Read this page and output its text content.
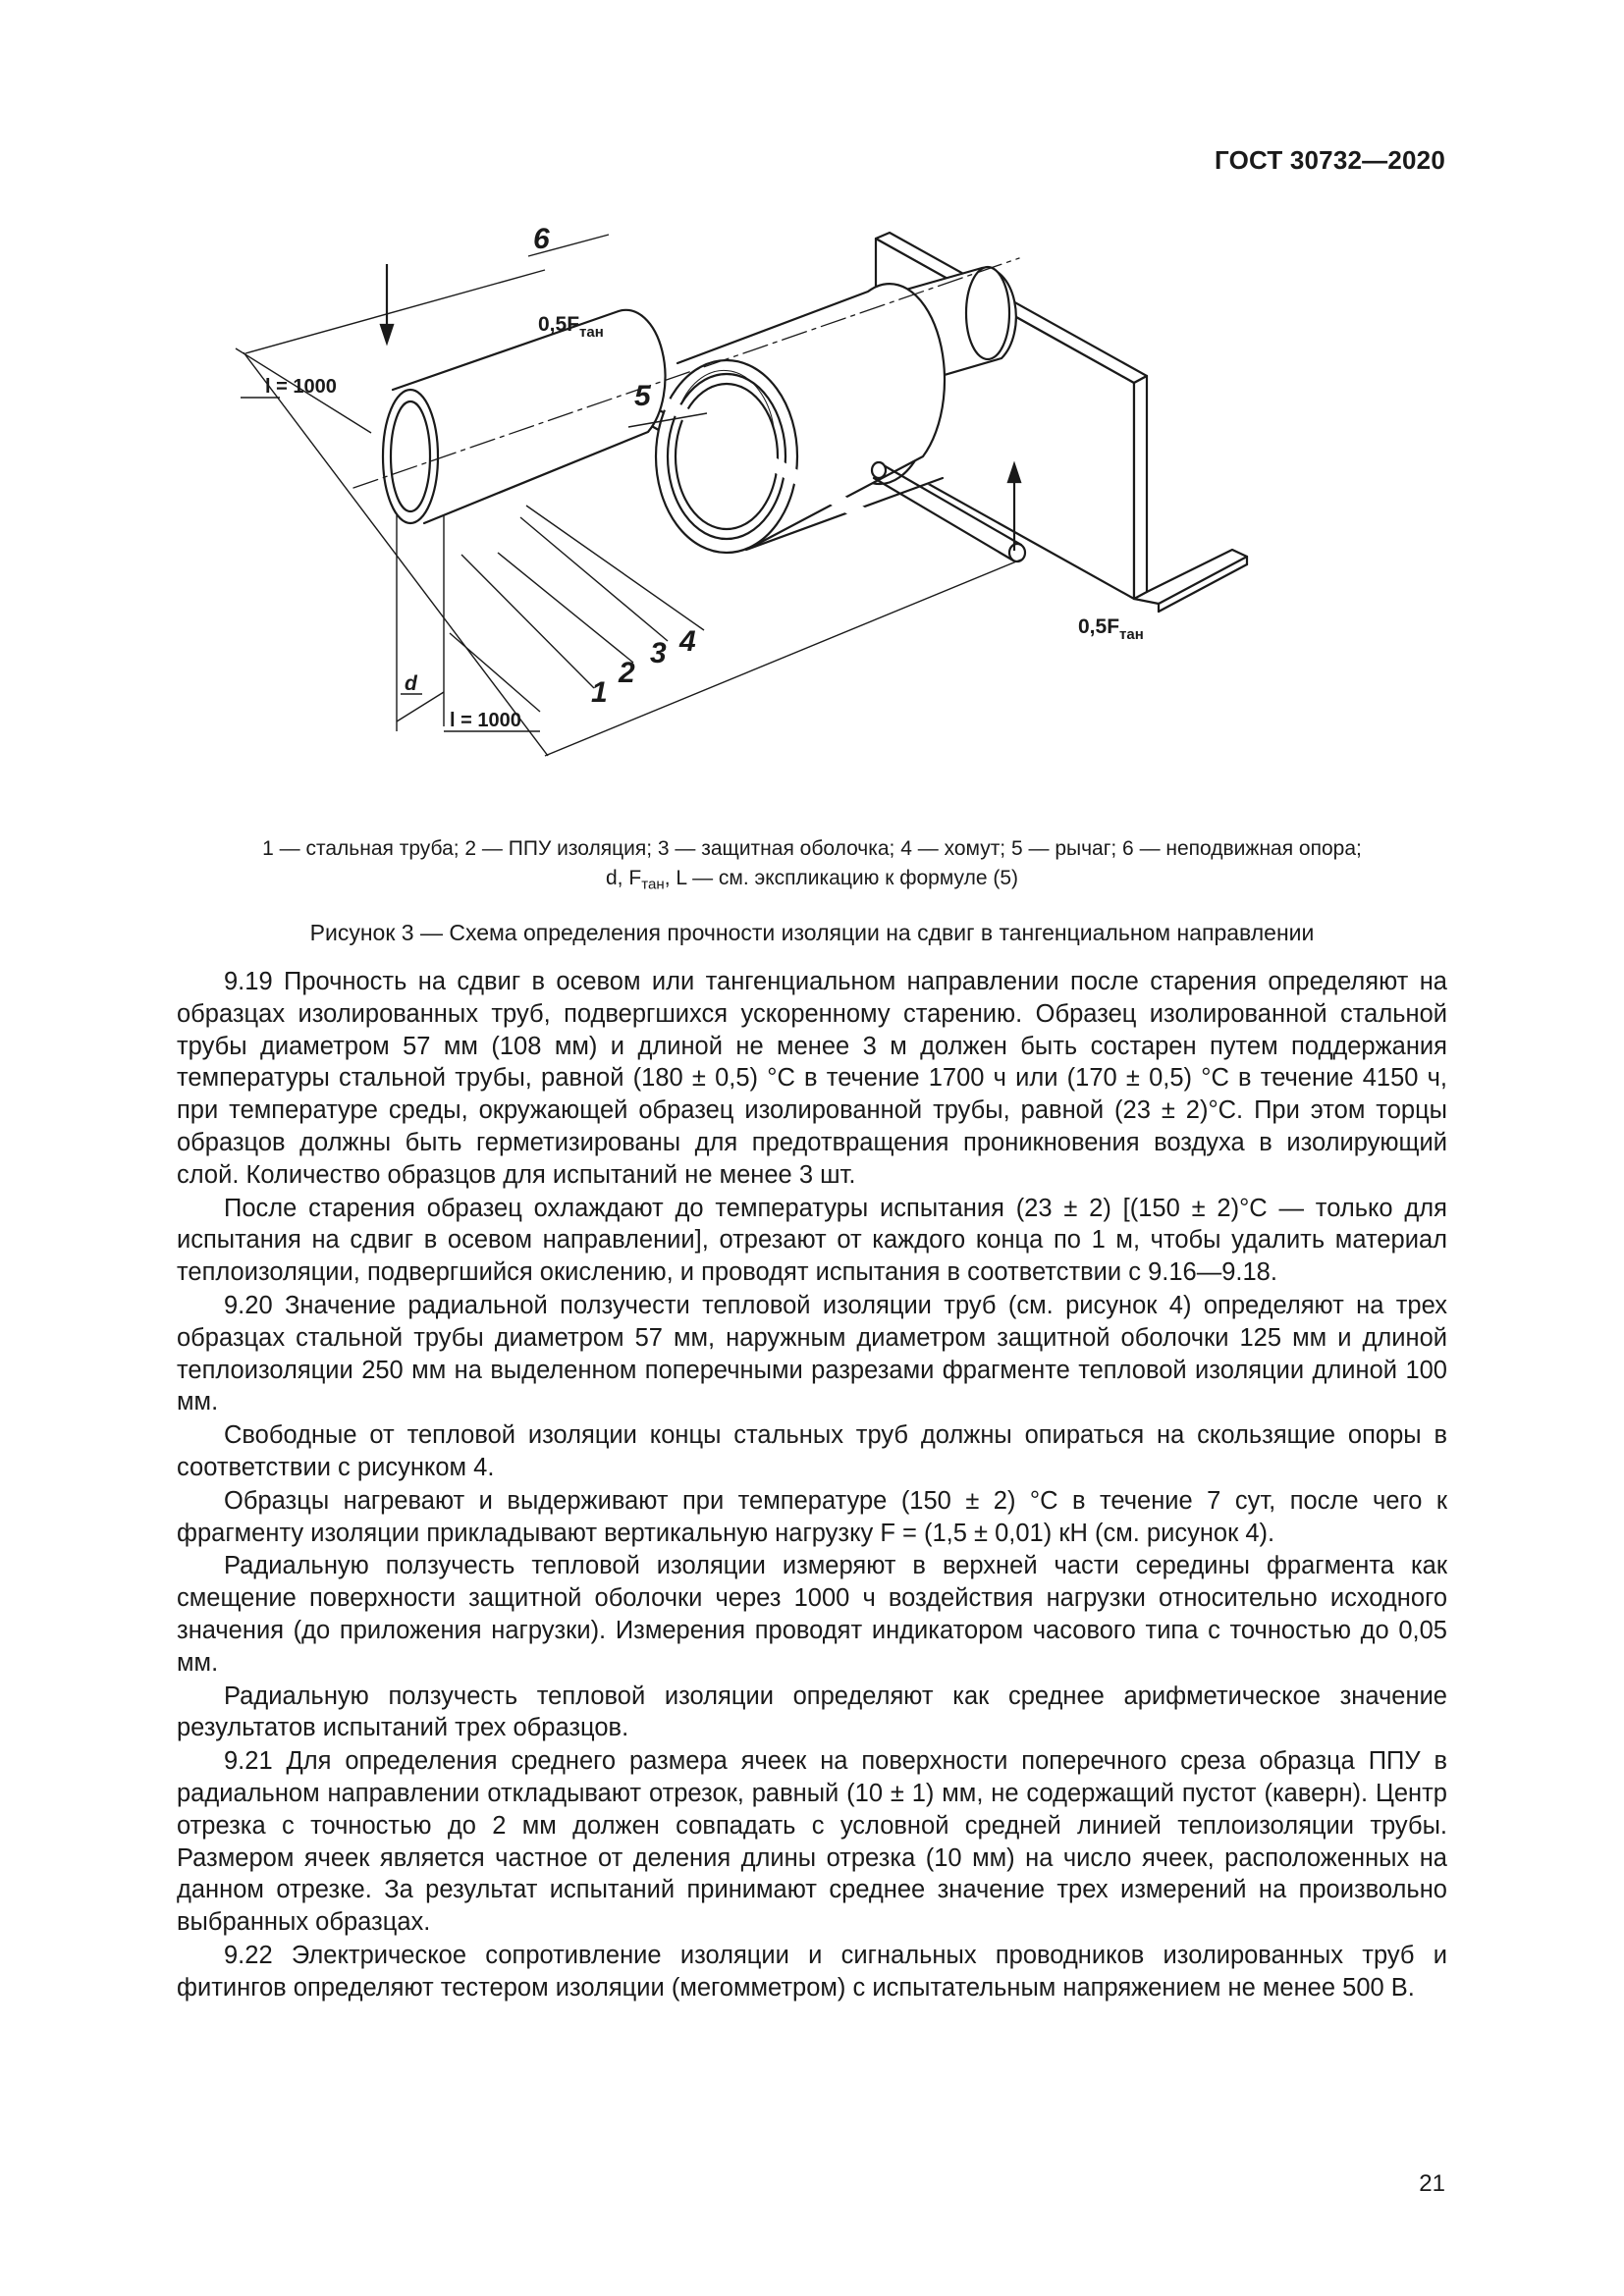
ГОСТ 30732—2020
6
5
1
2
3 4
$0,5F_{тан}$
$0,5F_{тан}$
l = 1000
l = 1000
d
1 — стальная труба; 2 — ППУ изоляция; 3 — защитная оболочка; 4 — хомут; 5 — рычаг; 6 — неподвижная опора;
d, $F_{тан}$, L — см. экспликацию к формуле (5)
Рисунок 3 — Схема определения прочности изоляции на сдвиг в тангенциальном направлении

9.19 Прочность на сдвиг в осевом или тангенциальном направлении после старения определяют на образцах изолированных труб, подвергшихся ускоренному старению. Образец изолированной стальной трубы диаметром 57 мм (108 мм) и длиной не менее 3 м должен быть состарен путем поддержания температуры стальной трубы, равной (180 ± 0,5) °С в течение 1700 ч или (170 ± 0,5) °С в течение 4150 ч, при температуре среды, окружающей образец изолированной трубы, равной (23 ± 2)°С. При этом торцы образцов должны быть герметизированы для предотвращения проникновения воздуха в изолирующий слой. Количество образцов для испытаний не менее 3 шт.

После старения образец охлаждают до температуры испытания (23 ± 2) [(150 ± 2)°С — только для испытания на сдвиг в осевом направлении], отрезают от каждого конца по 1 м, чтобы удалить материал теплоизоляции, подвергшийся окислению, и проводят испытания в соответствии с 9.16—9.18.

9.20 Значение радиальной ползучести тепловой изоляции труб (см. рисунок 4) определяют на трех образцах стальной трубы диаметром 57 мм, наружным диаметром защитной оболочки 125 мм и длиной теплоизоляции 250 мм на выделенном поперечными разрезами фрагменте тепловой изоляции длиной 100 мм.

Свободные от тепловой изоляции концы стальных труб должны опираться на скользящие опоры в соответствии с рисунком 4.

Образцы нагревают и выдерживают при температуре (150 ± 2) °С в течение 7 сут, после чего к фрагменту изоляции прикладывают вертикальную нагрузку F = (1,5 ± 0,01) кН (см. рисунок 4).

Радиальную ползучесть тепловой изоляции измеряют в верхней части середины фрагмента как смещение поверхности защитной оболочки через 1000 ч воздействия нагрузки относительно исходного значения (до приложения нагрузки). Измерения проводят индикатором часового типа с точностью до 0,05 мм.

Радиальную ползучесть тепловой изоляции определяют как среднее арифметическое значение результатов испытаний трех образцов.

9.21 Для определения среднего размера ячеек на поверхности поперечного среза образца ППУ в радиальном направлении откладывают отрезок, равный (10 ± 1) мм, не содержащий пустот (каверн). Центр отрезка с точностью до 2 мм должен совпадать с условной средней линией теплоизоляции трубы. Размером ячеек является частное от деления длины отрезка (10 мм) на число ячеек, расположенных на данном отрезке. За результат испытаний принимают среднее значение трех измерений на произвольно выбранных образцах.

9.22 Электрическое сопротивление изоляции и сигнальных проводников изолированных труб и фитингов определяют тестером изоляции (мегомметром) с испытательным напряжением не менее 500 В.

21
